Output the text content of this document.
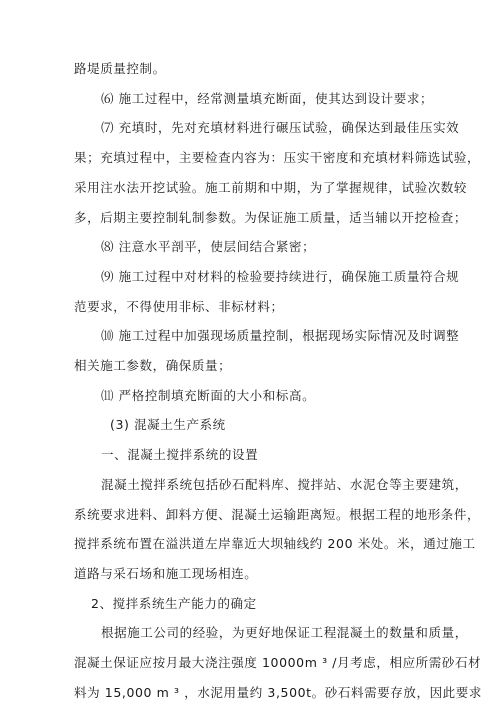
路堤质量控制。
⑹ 施工过程中，经常测量填充断面，使其达到设计要求；
⑺ 充填时，先对充填材料进行碾压试验，确保达到最佳压实效
果；充填过程中，主要检查内容为：压实干密度和充填材料筛选试验，
采用注水法开挖试验。施工前期和中期，为了掌握规律，试验次数较
多，后期主要控制轧制参数。为保证施工质量，适当辅以开挖检查；
⑻ 注意水平剖平，使层间结合紧密；
⑼ 施工过程中对材料的检验要持续进行，确保施工质量符合规
范要求，不得使用非标、非标材料；
⑽ 施工过程中加强现场质量控制，根据现场实际情况及时调整
相关施工参数，确保质量；
⑾ 严格控制填充断面的大小和标高。
(3) 混凝土生产系统
一、混凝土搅拌系统的设置
混凝土搅拌系统包括砂石配料库、搅拌站、水泥仓等主要建筑，
系统要求进料、卸料方便、混凝土运输距离短。根据工程的地形条件，
搅拌系统布置在溢洪道左岸靠近大坝轴线约 200 米处。米，通过施工
道路与采石场和施工现场相连。
2、搅拌系统生产能力的确定
根据施工公司的经验，为更好地保证工程混凝土的数量和质量，
混凝土保证应按月最大浇注强度 10000m ³ /月考虑，相应所需砂石材
料为 15,000 m ³ ，水泥用量约 3,500t。砂石料需要存放，因此要求
